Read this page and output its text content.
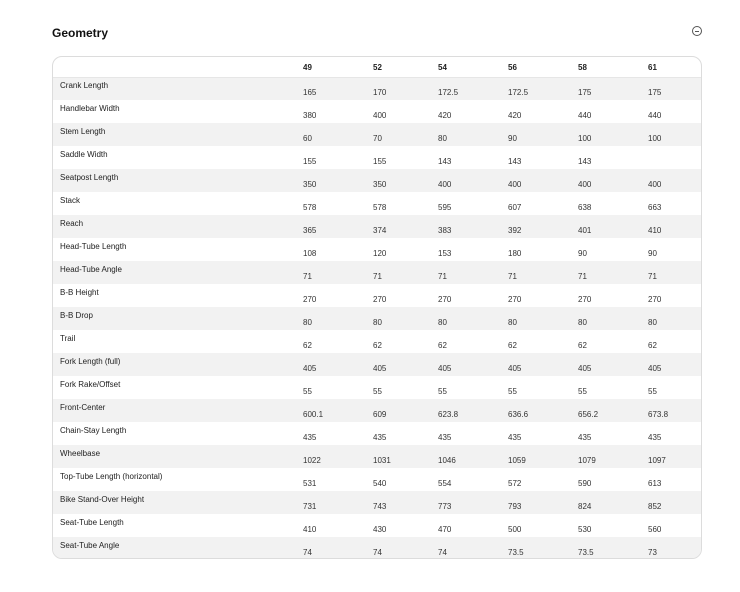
Geometry
	49	52	54	56	58	61
Crank Length	165	170	172.5	172.5	175	175
Handlebar Width	380	400	420	420	440	440
Stem Length	60	70	80	90	100	100
Saddle Width	155	155	143	143	143	
Seatpost Length	350	350	400	400	400	400
Stack	578	578	595	607	638	663
Reach	365	374	383	392	401	410
Head-Tube Length	108	120	153	180	90	90
Head-Tube Angle	71	71	71	71	71	71
B-B Height	270	270	270	270	270	270
B-B Drop	80	80	80	80	80	80
Trail	62	62	62	62	62	62
Fork Length (full)	405	405	405	405	405	405
Fork Rake/Offset	55	55	55	55	55	55
Front-Center	600.1	609	623.8	636.6	656.2	673.8
Chain-Stay Length	435	435	435	435	435	435
Wheelbase	1022	1031	1046	1059	1079	1097
Top-Tube Length (horizontal)	531	540	554	572	590	613
Bike Stand-Over Height	731	743	773	793	824	852
Seat-Tube Length	410	430	470	500	530	560
Seat-Tube Angle	74	74	74	73.5	73.5	73
